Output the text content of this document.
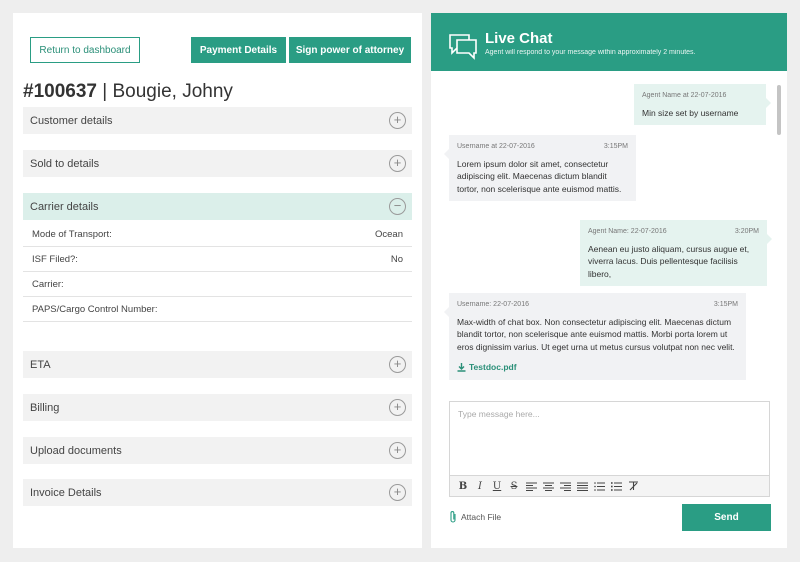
Return to dashboard	Payment Details	Sign power of attorney
#100637 | Bougie, Johny
Customer details	+
Sold to details	+
Carrier details	−
Mode of Transport:	Ocean
ISF Filed?:	No
Carrier:
PAPS/Cargo Control Number:
ETA	+
Billing	+
Upload documents	+
Invoice Details	+
Live Chat
Agent will respond to your message within approximately 2 minutes.
Agent Name at 22-07-2016
Min size set by username
Username at 22-07-2016	3:15PM
Lorem ipsum dolor sit amet, consectetur adipiscing elit. Maecenas dictum blandit tortor, non scelerisque ante euismod mattis.
Agent Name: 22-07-2016	3:20PM
Aenean eu justo aliquam, cursus augue et, viverra lacus. Duis pellentesque facilisis libero,
Username: 22-07-2016	3:15PM
Max-width of chat box. Non consectetur adipiscing elit. Maecenas dictum blandit tortor, non scelerisque ante euismod mattis. Morbi porta lorem ut eros dignissim varius. Ut eget urna ut metus cursus volutpat non nec velit.
Testdoc.pdf
Type message here...
B	I	U S
Attach File	Send
